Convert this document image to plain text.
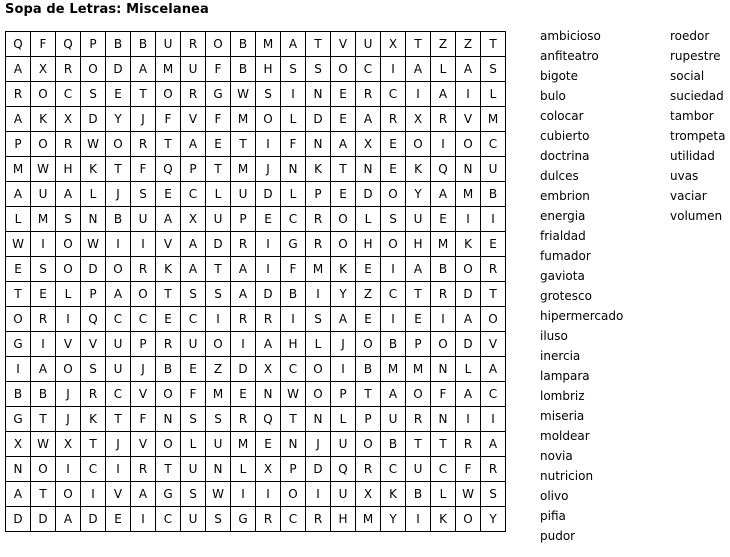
Sopa de Letras: Miscelanea
Q	F	Q	P	B	B	U	R	O	B	M	A	T	V	U	X	T	Z	Z	T
A	X	R	O	D	A	M	U	F	B	H	S	S	O	C	I	A	L	A	S
R	O	C	S	E	T	O	R	G	W	S	I	N	E	R	C	I	A	I	L
A	K	X	D	Y	J	F	V	F	M	O	L	D	E	A	R	X	R	V	M
P	O	R	W	O	R	T	A	E	T	I	F	N	A	X	E	O	I	O	C
M	W	H	K	T	F	Q	P	T	M	J	N	K	T	N	E	K	Q	N	U
A	U	A	L	J	S	E	C	L	U	D	L	P	E	D	O	Y	A	M	B
L	M	S	N	B	U	A	X	U	P	E	C	R	O	L	S	U	E	I	I
W	I	O	W	I	I	V	A	D	R	I	G	R	O	H	O	H	M	K	E
E	S	O	D	O	R	K	A	T	A	I	F	M	K	E	I	A	B	O	R
T	E	L	P	A	O	T	S	S	A	D	B	I	Y	Z	C	T	R	D	T
O	R	I	Q	C	C	E	C	I	R	R	I	S	A	E	I	E	I	A	O
G	I	V	V	U	P	R	U	O	I	A	H	L	J	O	B	P	O	D	V
I	A	O	S	U	J	B	E	Z	D	X	C	O	I	B	M	M	N	L	A
B	B	J	R	C	V	O	F	M	E	N	W	O	P	T	A	O	F	A	C
G	T	J	K	T	F	N	S	S	R	Q	T	N	L	P	U	R	N	I	I
X	W	X	T	J	V	O	L	U	M	E	N	J	U	O	B	T	T	R	A
N	O	I	C	I	R	T	U	N	L	X	P	D	Q	R	C	U	C	F	R
A	T	O	I	V	A	G	S	W	I	I	O	I	U	X	K	B	L	W	S
D	D	A	D	E	I	C	U	S	G	R	C	R	H	M	Y	I	K	O	Y
ambicioso
anfiteatro
bigote
bulo
colocar
cubierto
doctrina
dulces
embrion
energia
frialdad
fumador
gaviota
grotesco
hipermercado
iluso
inercia
lampara
lombriz
miseria
moldear
novia
nutricion
olivo
pifia
pudor
roedor
rupestre
social
suciedad
tambor
trompeta
utilidad
uvas
vaciar
volumen
